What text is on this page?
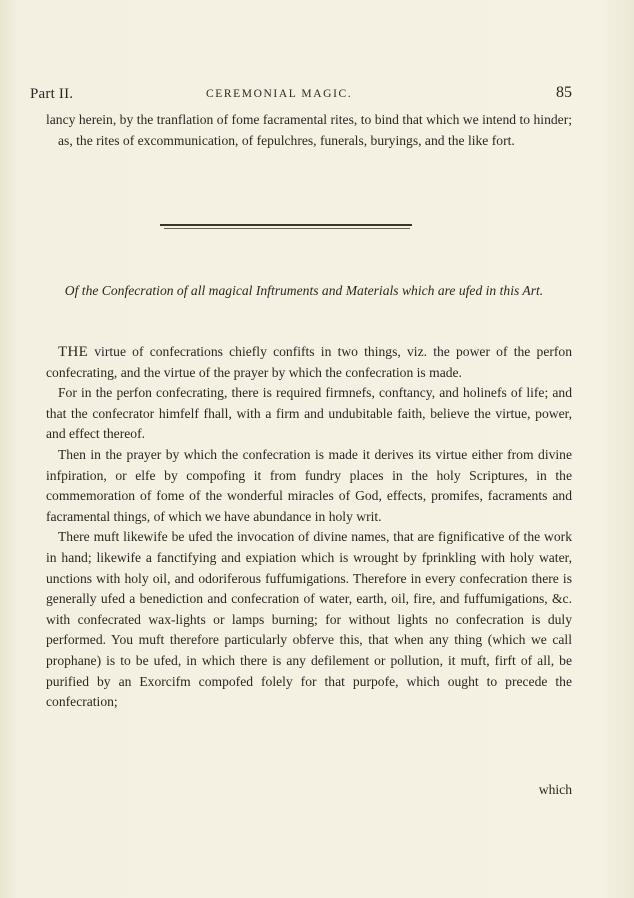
Part II.	CEREMONIAL MAGIC.	85

lancy herein, by the tranflation of fome facramental rites, to bind that which we intend to hinder; as, the rites of excommunication, of fepulchres, funerals, buryings, and the like fort.

Of the Confecration of all magical Inftruments and Materials which are ufed in this Art.

THE virtue of confecrations chiefly confifts in two things, viz. the power of the perfon confecrating, and the virtue of the prayer by which the confecration is made.

For in the perfon confecrating, there is required firmnefs, conftancy, and holinefs of life; and that the confecrator himfelf fhall, with a firm and undubitable faith, believe the virtue, power, and effect thereof.

Then in the prayer by which the confecration is made it derives its virtue either from divine infpiration, or elfe by compofing it from fundry places in the holy Scriptures, in the commemoration of fome of the wonderful miracles of God, effects, promifes, facraments and facramental things, of which we have abundance in holy writ.

There muft likewife be ufed the invocation of divine names, that are fignificative of the work in hand; likewife a fanctifying and expiation which is wrought by fprinkling with holy water, unctions with holy oil, and odoriferous fuffumigations. Therefore in every confecration there is generally ufed a benediction and confecration of water, earth, oil, fire, and fuffumigations, &c. with confecrated wax-lights or lamps burning; for without lights no confecration is duly performed. You muft therefore particularly obferve this, that when any thing (which we call prophane) is to be ufed, in which there is any defilement or pollution, it muft, firft of all, be purified by an Exorcifm compofed folely for that purpofe, which ought to precede the confecration;

which
